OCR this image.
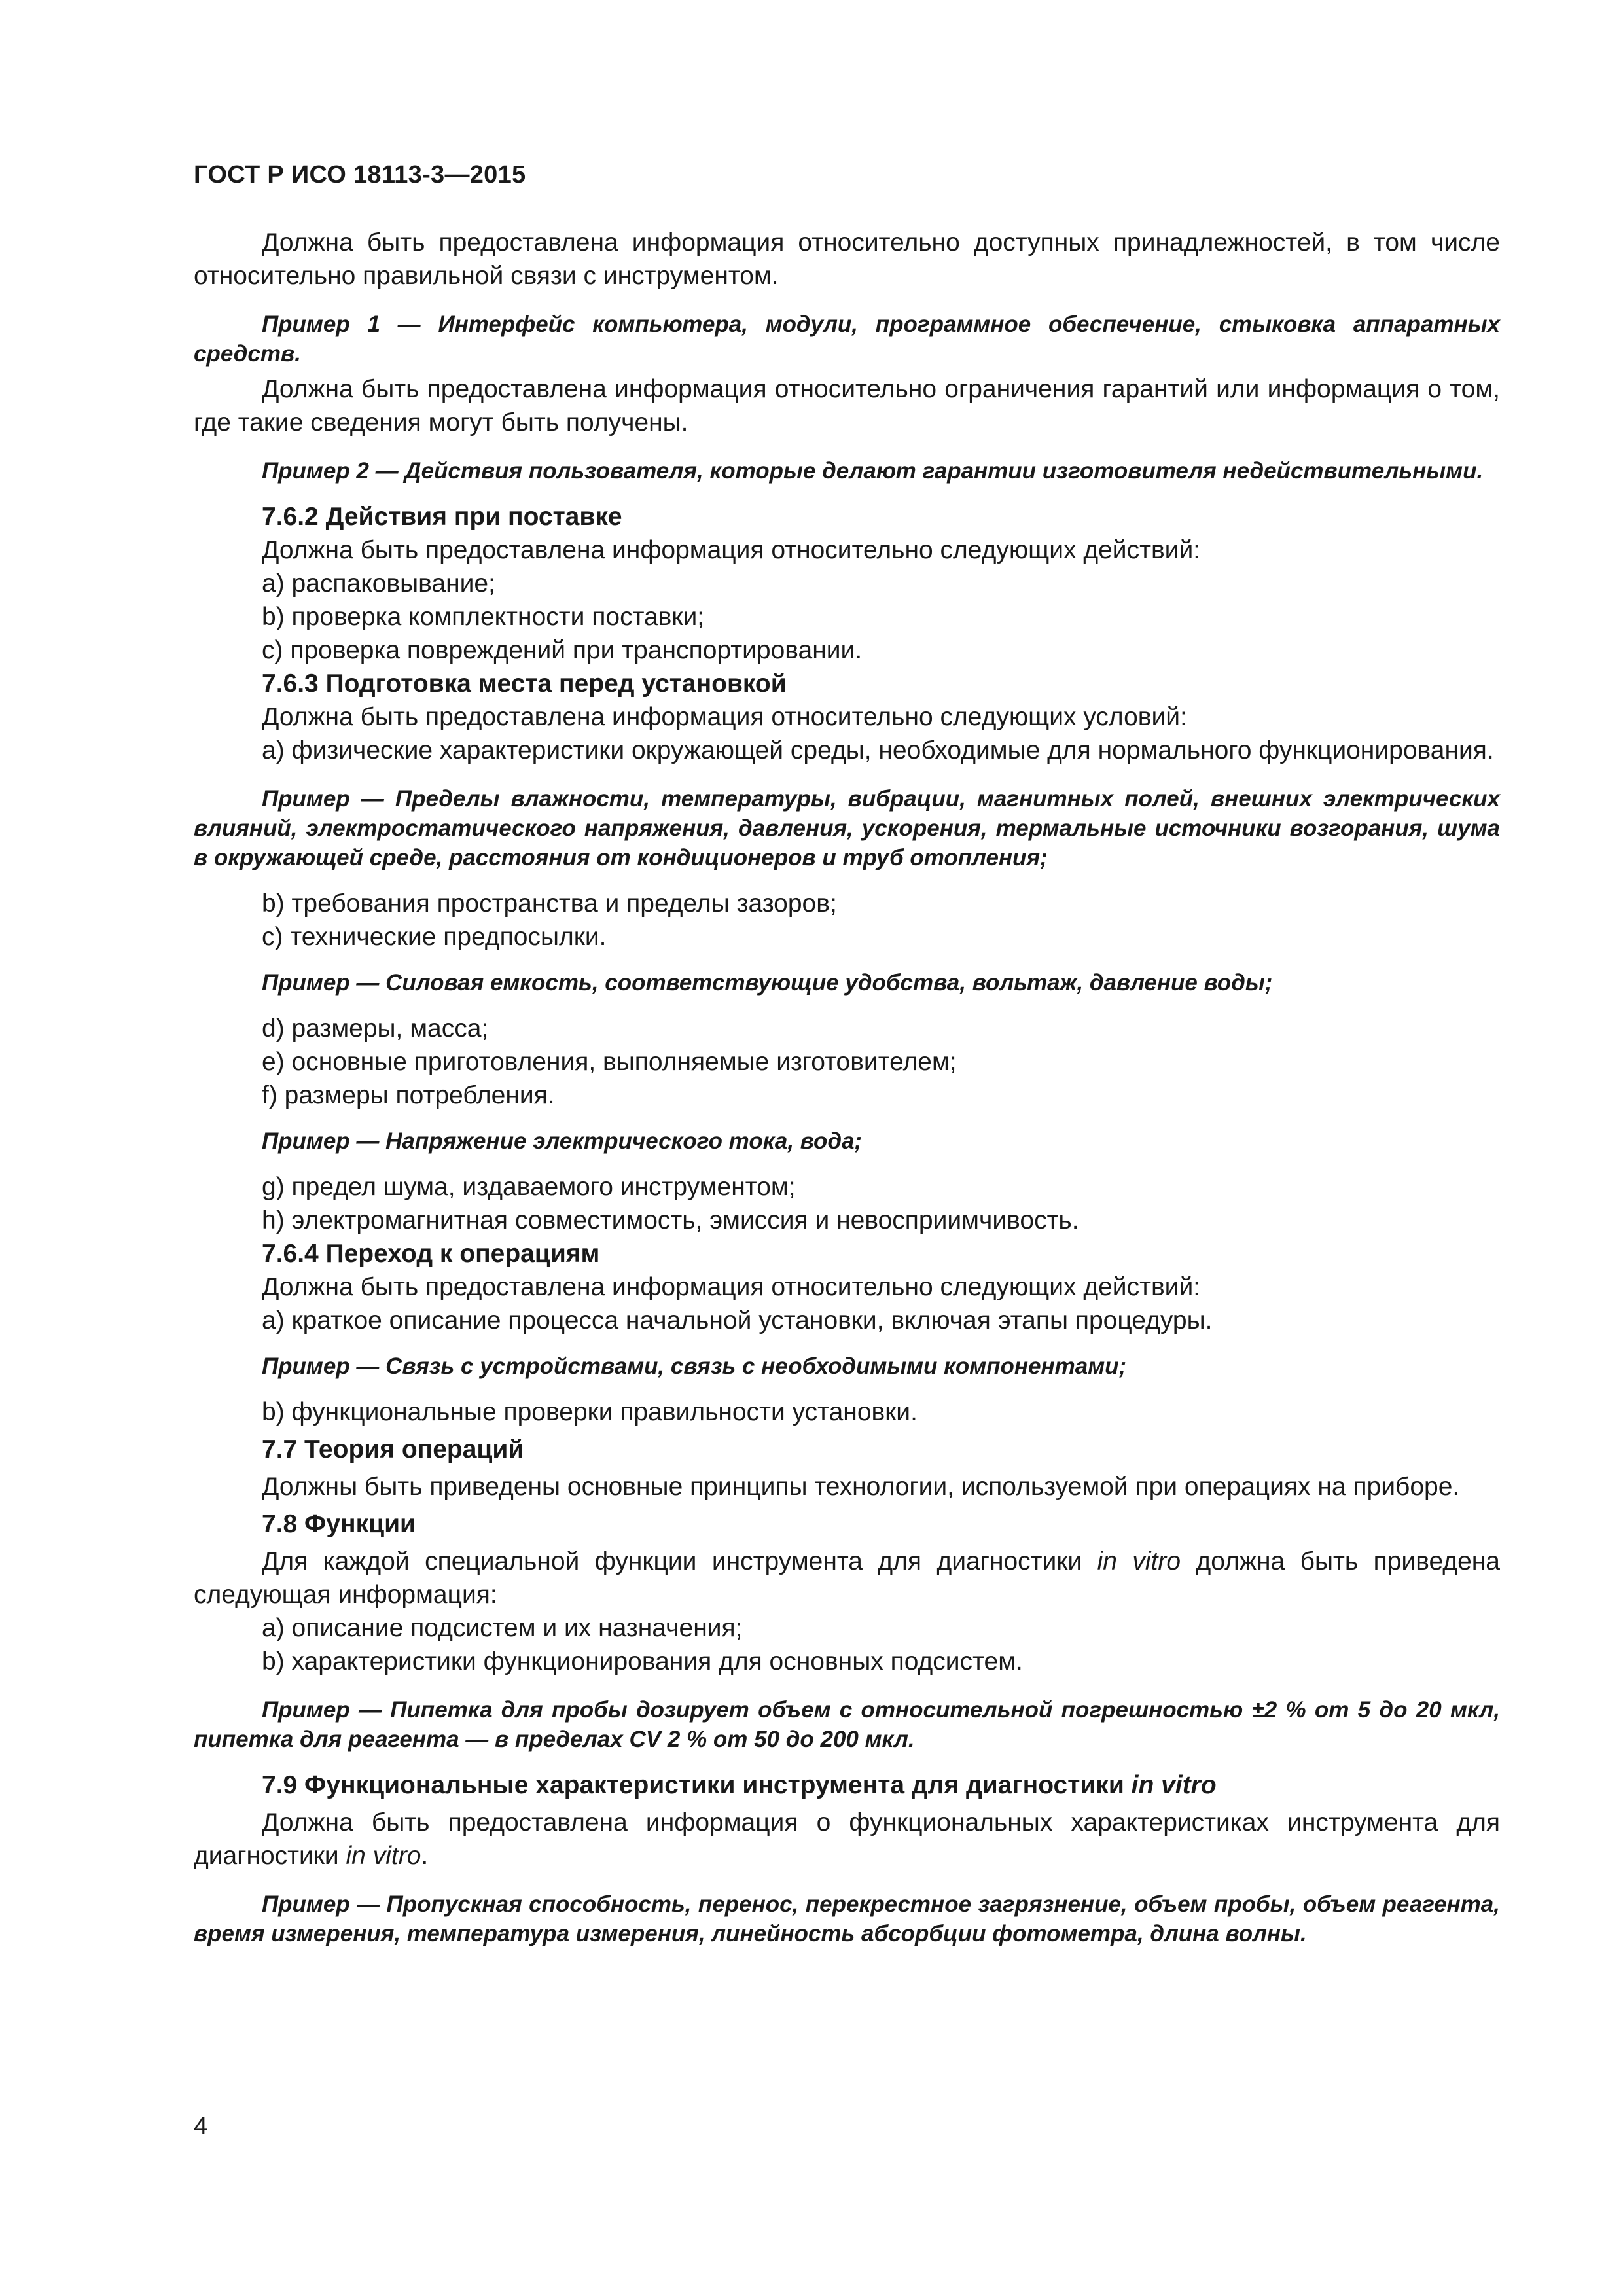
ГОСТ Р ИСО 18113-3—2015

Должна быть предоставлена информация относительно доступных принадлежностей, в том числе относительно правильной связи с инструментом.

Пример 1 — Интерфейс компьютера, модули, программное обеспечение, стыковка аппаратных средств.

Должна быть предоставлена информация относительно ограничения гарантий или информация о том, где такие сведения могут быть получены.

Пример 2 — Действия пользователя, которые делают гарантии изготовителя недействительными.

7.6.2 Действия при поставке

Должна быть предоставлена информация относительно следующих действий:

a) распаковывание;

b) проверка комплектности поставки;

c) проверка повреждений при транспортировании.

7.6.3 Подготовка места перед установкой

Должна быть предоставлена информация относительно следующих условий:

a) физические характеристики окружающей среды, необходимые для нормального функционирования.

Пример — Пределы влажности, температуры, вибрации, магнитных полей, внешних электрических влияний, электростатического напряжения, давления, ускорения, термальные источники возгорания, шума в окружающей среде, расстояния от кондиционеров и труб отопления;

b) требования пространства и пределы зазоров;

c) технические предпосылки.

Пример — Силовая емкость, соответствующие удобства, вольтаж, давление воды;

d) размеры, масса;

e) основные приготовления, выполняемые изготовителем;

f) размеры потребления.

Пример — Напряжение электрического тока, вода;

g) предел шума, издаваемого инструментом;

h) электромагнитная совместимость, эмиссия и невосприимчивость.

7.6.4 Переход к операциям

Должна быть предоставлена информация относительно следующих действий:

a) краткое описание процесса начальной установки, включая этапы процедуры.

Пример — Связь с устройствами, связь с необходимыми компонентами;

b) функциональные проверки правильности установки.

7.7 Теория операций

Должны быть приведены основные принципы технологии, используемой при операциях на приборе.

7.8 Функции

Для каждой специальной функции инструмента для диагностики in vitro должна быть приведена следующая информация:

a) описание подсистем и их назначения;

b) характеристики функционирования для основных подсистем.

Пример — Пипетка для пробы дозирует объем с относительной погрешностью ±2 % от 5 до 20 мкл, пипетка для реагента — в пределах CV 2 % от 50 до 200 мкл.

7.9 Функциональные характеристики инструмента для диагностики in vitro

Должна быть предоставлена информация о функциональных характеристиках инструмента для диагностики in vitro.

Пример — Пропускная способность, перенос, перекрестное загрязнение, объем пробы, объем реагента, время измерения, температура измерения, линейность абсорбции фотометра, длина волны.

4
